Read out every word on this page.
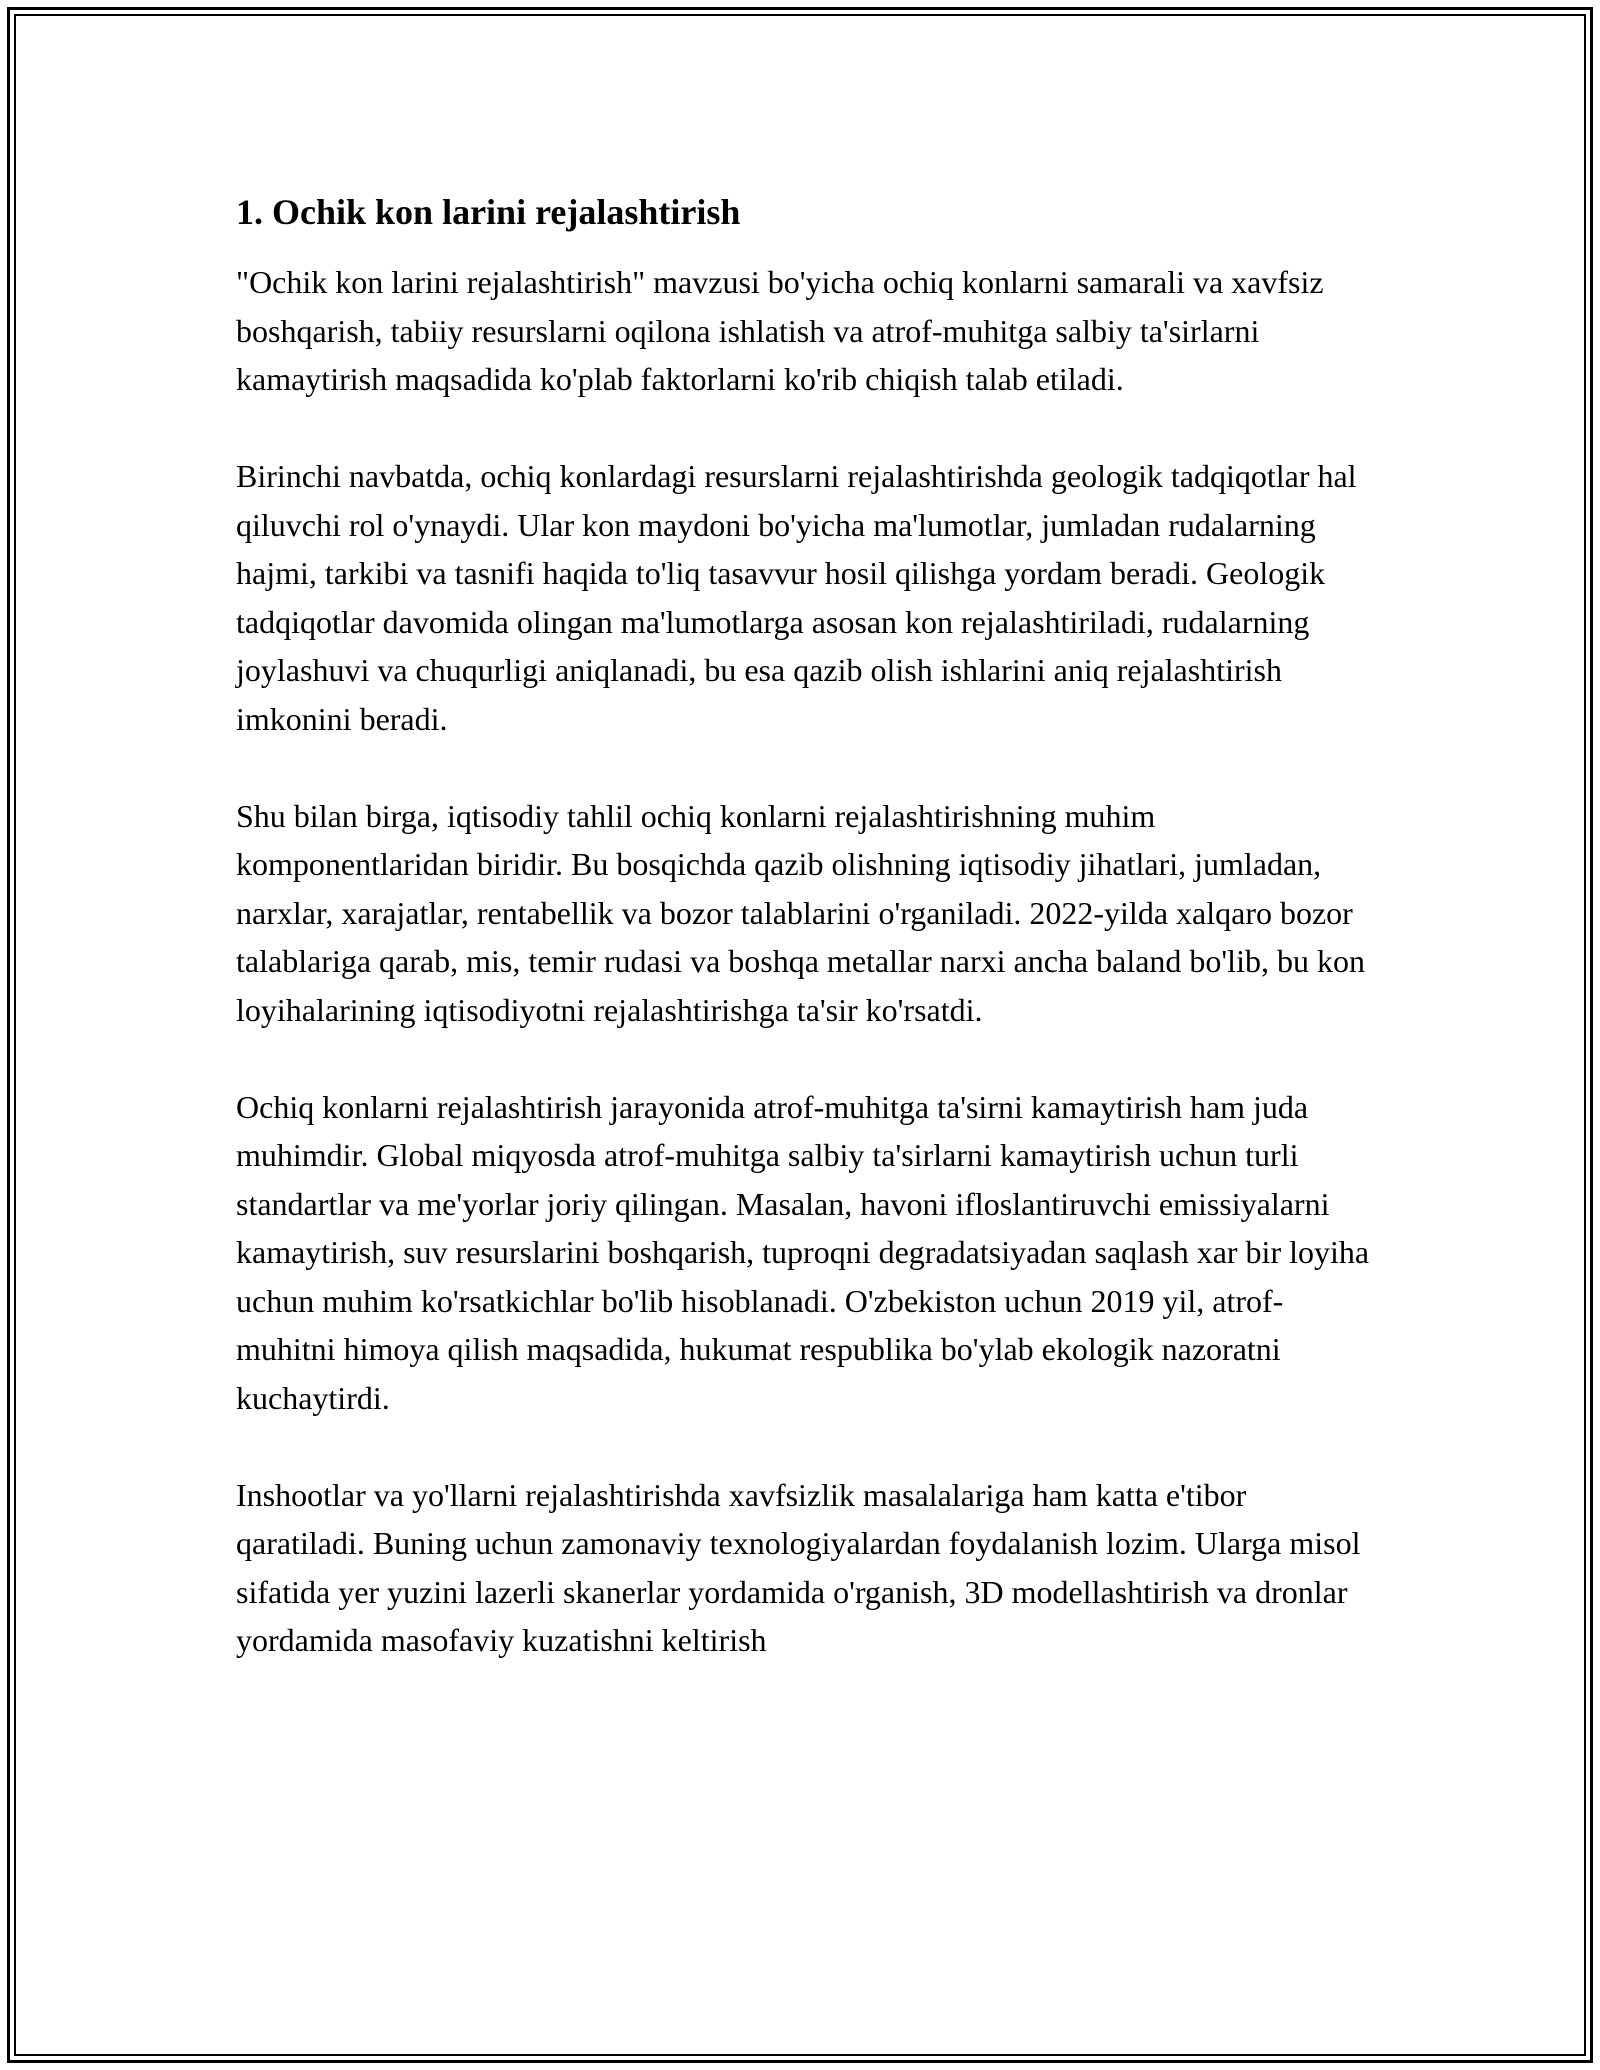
1. Ochik kon larini rejalashtirish

"Ochik kon larini rejalashtirish" mavzusi bo'yicha ochiq konlarni samarali va xavfsiz boshqarish, tabiiy resurslarni oqilona ishlatish va atrof-muhitga salbiy ta'sirlarni kamaytirish maqsadida ko'plab faktorlarni ko'rib chiqish talab etiladi.

Birinchi navbatda, ochiq konlardagi resurslarni rejalashtirishda geologik tadqiqotlar hal qiluvchi rol o'ynaydi. Ular kon maydoni bo'yicha ma'lumotlar, jumladan rudalarning hajmi, tarkibi va tasnifi haqida to'liq tasavvur hosil qilishga yordam beradi. Geologik tadqiqotlar davomida olingan ma'lumotlarga asosan kon rejalashtiriladi, rudalarning joylashuvi va chuqurligi aniqlanadi, bu esa qazib olish ishlarini aniq rejalashtirish imkonini beradi.

Shu bilan birga, iqtisodiy tahlil ochiq konlarni rejalashtirishning muhim komponentlaridan biridir. Bu bosqichda qazib olishning iqtisodiy jihatlari, jumladan, narxlar, xarajatlar, rentabellik va bozor talablarini o'rganiladi. 2022-yilda xalqaro bozor talablariga qarab, mis, temir rudasi va boshqa metallar narxi ancha baland bo'lib, bu kon loyihalarining iqtisodiyotni rejalashtirishga ta'sir ko'rsatdi.

Ochiq konlarni rejalashtirish jarayonida atrof-muhitga ta'sirni kamaytirish ham juda muhimdir. Global miqyosda atrof-muhitga salbiy ta'sirlarni kamaytirish uchun turli standartlar va me'yorlar joriy qilingan. Masalan, havoni ifloslantiruvchi emissiyalarni kamaytirish, suv resurslarini boshqarish, tuproqni degradatsiyadan saqlash xar bir loyiha uchun muhim ko'rsatkichlar bo'lib hisoblanadi. O'zbekiston uchun 2019 yil, atrof-muhitni himoya qilish maqsadida, hukumat respublika bo'ylab ekologik nazoratni kuchaytirdi.

Inshootlar va yo'llarni rejalashtirishda xavfsizlik masalalariga ham katta e'tibor qaratiladi. Buning uchun zamonaviy texnologiyalardan foydalanish lozim. Ularga misol sifatida yer yuzini lazerli skanerlar yordamida o'rganish, 3D modellashtirish va dronlar yordamida masofaviy kuzatishni keltirish
